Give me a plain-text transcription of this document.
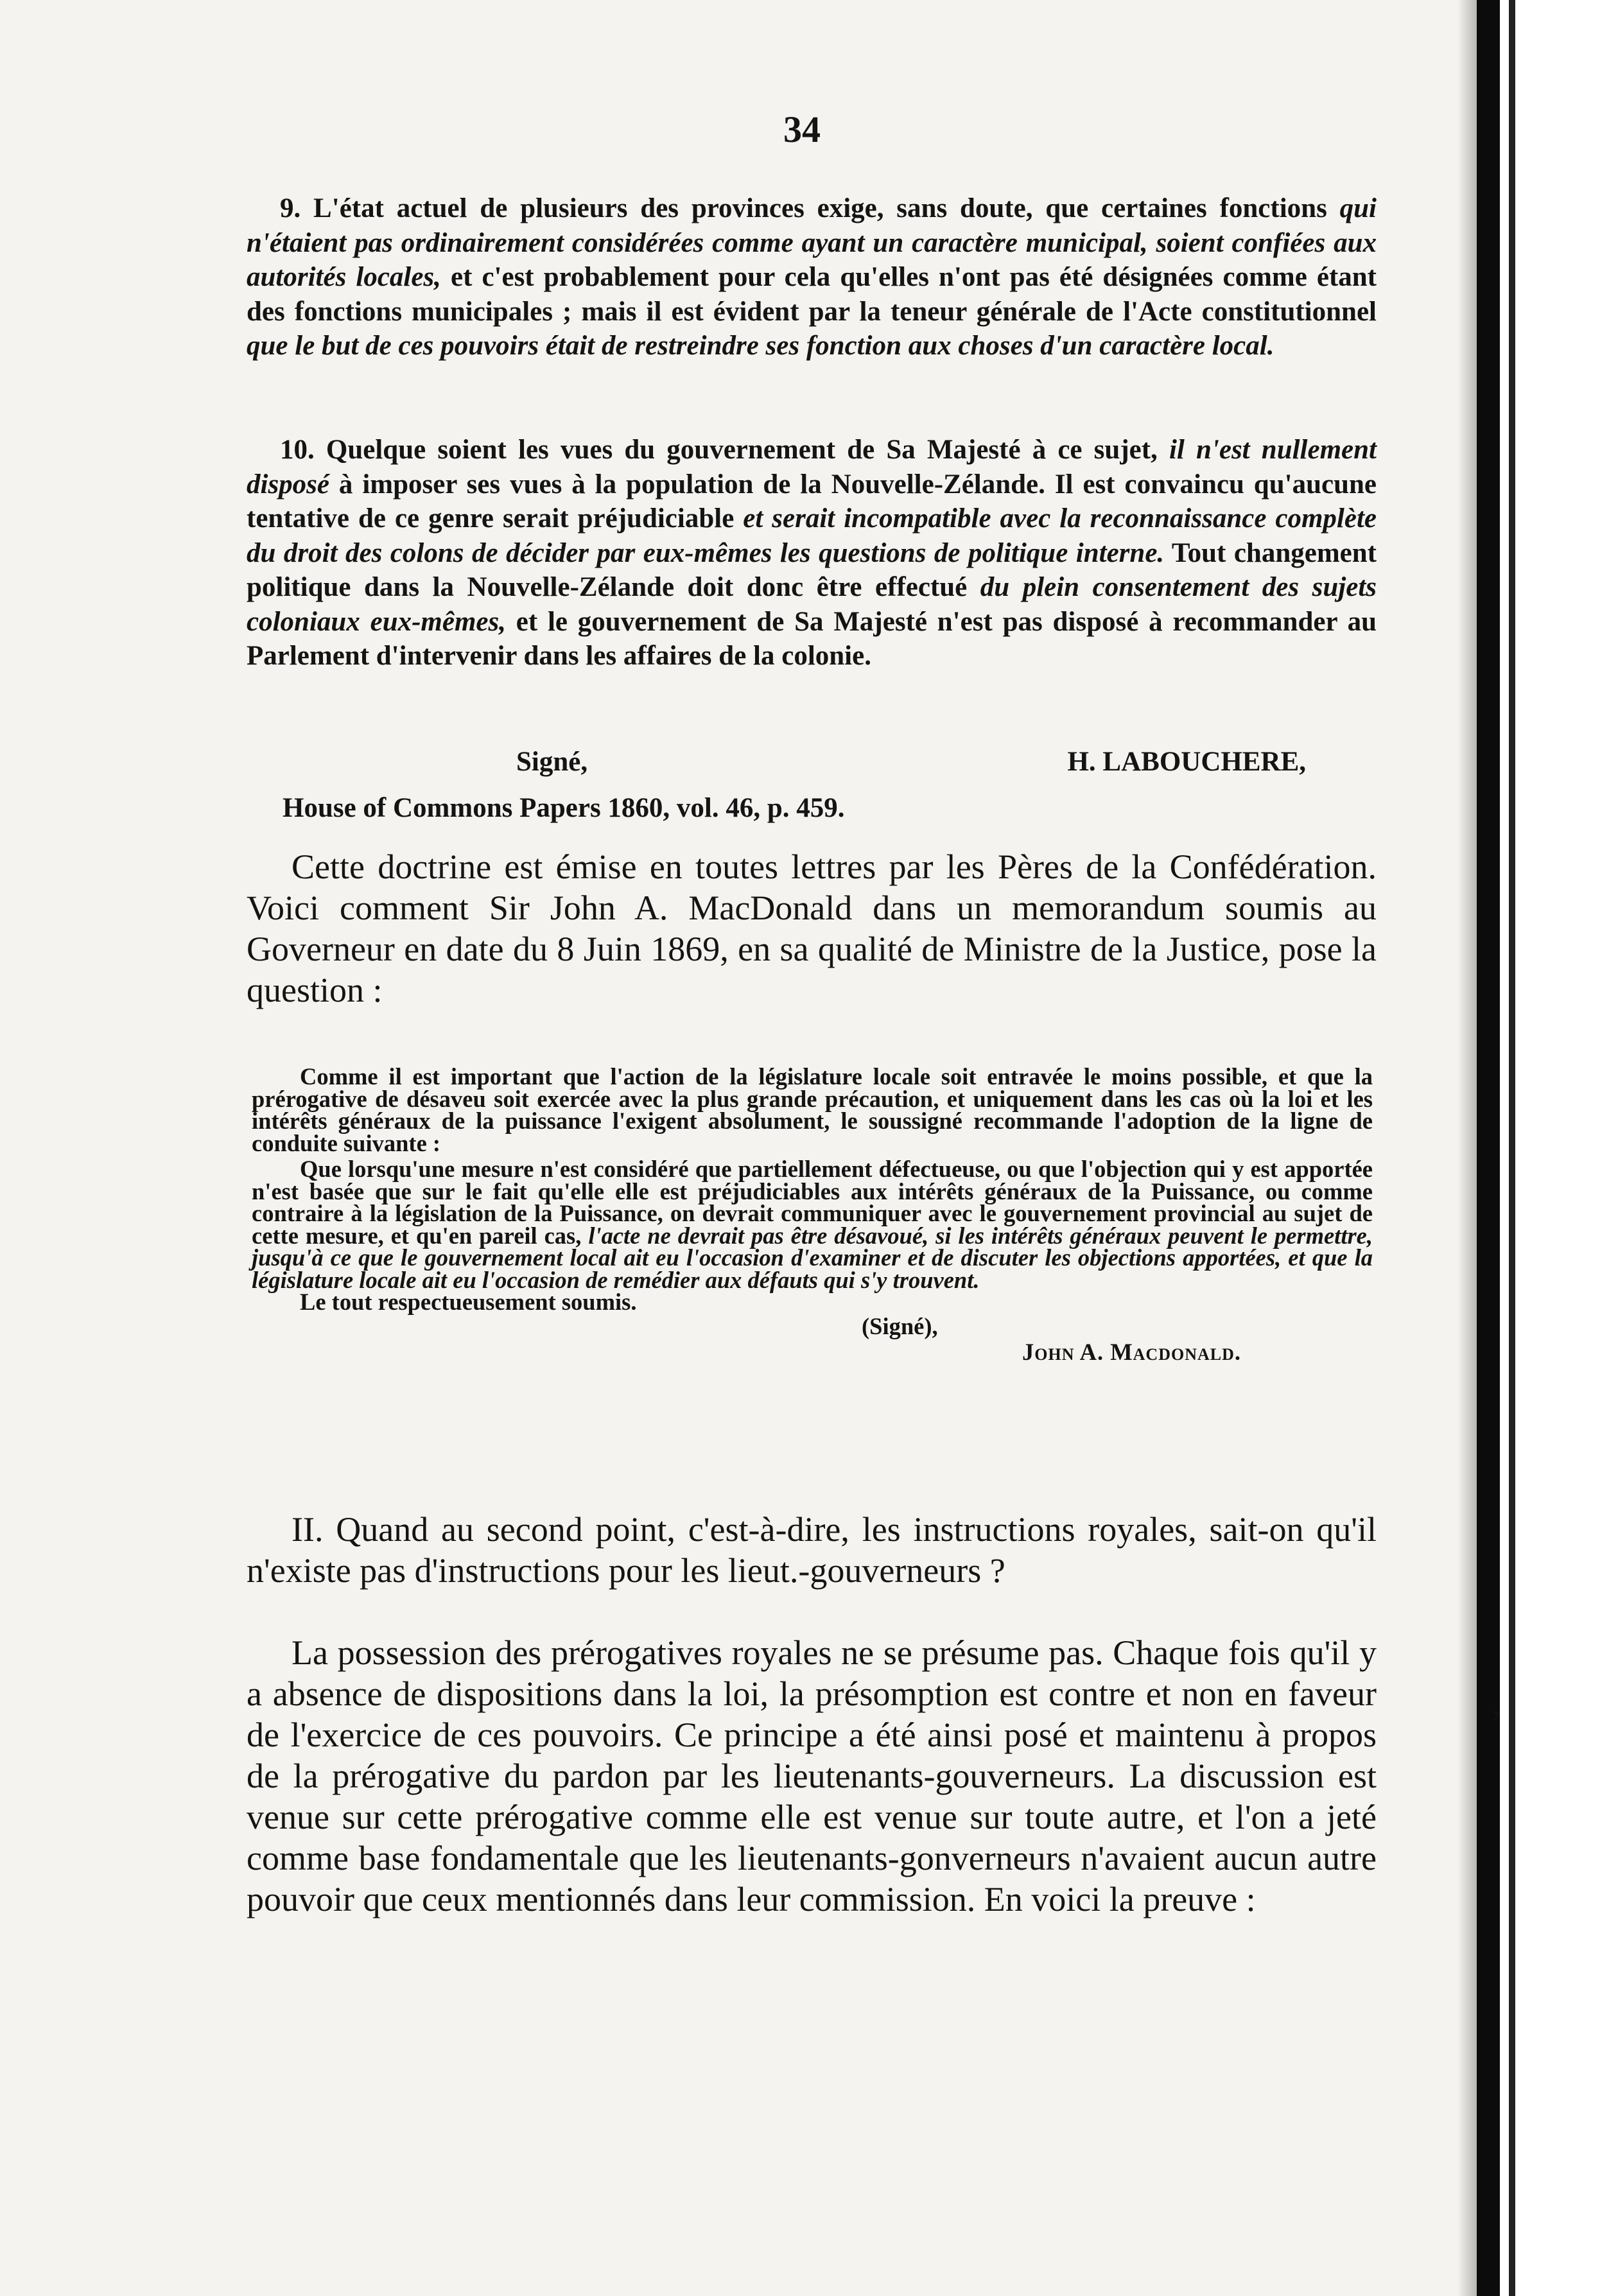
ʼ
34

9. L'état actuel de plusieurs des provinces exige, sans doute, que certaines fonctions qui n'étaient pas ordinairement considérées comme ayant un caractère municipal, soient confiées aux autorités locales, et c'est probablement pour cela qu'elles n'ont pas été désignées comme étant des fonctions municipales ; mais il est évident par la teneur générale de l'Acte constitutionnel que le but de ces pouvoirs était de restreindre ses fonction aux choses d'un caractère local.

10. Quelque soient les vues du gouvernement de Sa Majesté à ce sujet, il n'est nullement disposé à imposer ses vues à la population de la Nouvelle-Zélande. Il est convaincu qu'aucune tentative de ce genre serait préjudiciable et serait incompatible avec la reconnaissance complète du droit des colons de décider par eux-mêmes les questions de politique interne. Tout changement politique dans la Nouvelle-Zélande doit donc être effectué du plein consentement des sujets coloniaux eux-mêmes, et le gouvernement de Sa Majesté n'est pas disposé à recommander au Parlement d'intervenir dans les affaires de la colonie.

Signé,	H. LABOUCHERE,
House of Commons Papers 1860, vol. 46, p. 459.

Cette doctrine est émise en toutes lettres par les Pères de la Confédération. Voici comment Sir John A. MacDonald dans un memorandum soumis au Governeur en date du 8 Juin 1869, en sa qualité de Ministre de la Justice, pose la question :

Comme il est important que l'action de la législature locale soit entravée le moins possible, et que la prérogative de désaveu soit exercée avec la plus grande précaution, et uniquement dans les cas où la loi et les intérêts généraux de la puissance l'exigent absolument, le soussigné recommande l'adoption de la ligne de conduite suivante :

Que lorsqu'une mesure n'est considéré que partiellement défectueuse, ou que l'objection qui y est apportée n'est basée que sur le fait qu'elle elle est préjudiciables aux intérêts généraux de la Puissance, ou comme contraire à la législation de la Puissance, on devrait communiquer avec le gouvernement provincial au sujet de cette mesure, et qu'en pareil cas, l'acte ne devrait pas être désavoué, si les intérêts généraux peuvent le permettre, jusqu'à ce que le gouvernement local ait eu l'occasion d'examiner et de discuter les objections apportées, et que la législature locale ait eu l'occasion de remédier aux défauts qui s'y trouvent.

Le tout respectueusement soumis.
(Signé),
John A. Macdonald.

II. Quand au second point, c'est-à-dire, les instructions royales, sait-on qu'il n'existe pas d'instructions pour les lieut.-gouverneurs ?

La possession des prérogatives royales ne se présume pas. Chaque fois qu'il y a absence de dispositions dans la loi, la présomption est contre et non en faveur de l'exercice de ces pouvoirs. Ce principe a été ainsi posé et maintenu à propos de la prérogative du pardon par les lieutenants-gouverneurs. La discussion est venue sur cette prérogative comme elle est venue sur toute autre, et l'on a jeté comme base fondamentale que les lieutenants-gonverneurs n'avaient aucun autre pouvoir que ceux mentionnés dans leur commission. En voici la preuve :
